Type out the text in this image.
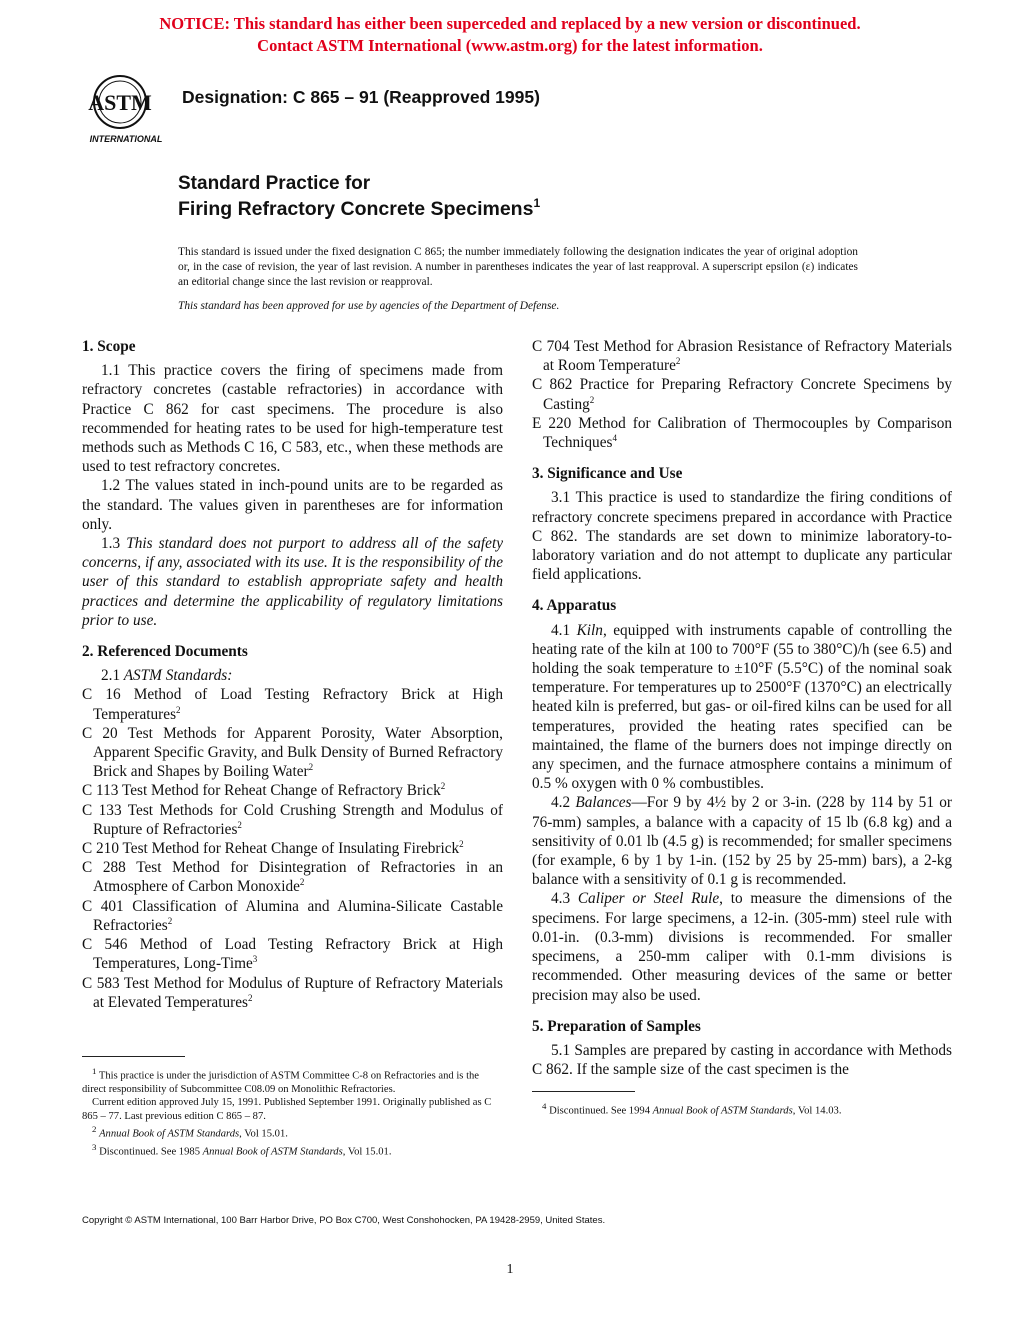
NOTICE: This standard has either been superceded and replaced by a new version or discontinued.
Contact ASTM International (www.astm.org) for the latest information.
ASTM
INTERNATIONAL
Designation: C 865 – 91 (Reapproved 1995)
Standard Practice for
Firing Refractory Concrete Specimens$^1$
This standard is issued under the fixed designation C 865; the number immediately following the designation indicates the year of original adoption or, in the case of revision, the year of last revision. A number in parentheses indicates the year of last reapproval. A superscript epsilon (ε) indicates an editorial change since the last revision or reapproval.
This standard has been approved for use by agencies of the Department of Defense.

1. Scope

1.1 This practice covers the firing of specimens made from refractory concretes (castable refractories) in accordance with Practice C 862 for cast specimens. The procedure is also recommended for heating rates to be used for high-temperature test methods such as Methods C 16, C 583, etc., when these methods are used to test refractory concretes.

1.2 The values stated in inch-pound units are to be regarded as the standard. The values given in parentheses are for information only.

1.3 This standard does not purport to address all of the safety concerns, if any, associated with its use. It is the responsibility of the user of this standard to establish appropriate safety and health practices and determine the applicability of regulatory limitations prior to use.

2. Referenced Documents

2.1 ASTM Standards:

C 16 Method of Load Testing Refractory Brick at High Temperatures$^2$

C 20 Test Methods for Apparent Porosity, Water Absorption, Apparent Specific Gravity, and Bulk Density of Burned Refractory Brick and Shapes by Boiling Water$^2$

C 113 Test Method for Reheat Change of Refractory Brick$^2$

C 133 Test Methods for Cold Crushing Strength and Modulus of Rupture of Refractories$^2$

C 210 Test Method for Reheat Change of Insulating Firebrick$^2$

C 288 Test Method for Disintegration of Refractories in an Atmosphere of Carbon Monoxide$^2$

C 401 Classification of Alumina and Alumina-Silicate Castable Refractories$^2$

C 546 Method of Load Testing Refractory Brick at High Temperatures, Long-Time$^3$

C 583 Test Method for Modulus of Rupture of Refractory Materials at Elevated Temperatures$^2$

$^1$ This practice is under the jurisdiction of ASTM Committee C-8 on Refractories and is the direct responsibility of Subcommittee C08.09 on Monolithic Refractories.
Current edition approved July 15, 1991. Published September 1991. Originally published as C 865 – 77. Last previous edition C 865 – 87.
$^2$ Annual Book of ASTM Standards, Vol 15.01.
$^3$ Discontinued. See 1985 Annual Book of ASTM Standards, Vol 15.01.

C 704 Test Method for Abrasion Resistance of Refractory Materials at Room Temperature$^2$

C 862 Practice for Preparing Refractory Concrete Specimens by Casting$^2$

E 220 Method for Calibration of Thermocouples by Comparison Techniques$^4$

3. Significance and Use

3.1 This practice is used to standardize the firing conditions of refractory concrete specimens prepared in accordance with Practice C 862. The standards are set down to minimize laboratory-to-laboratory variation and do not attempt to duplicate any particular field applications.

4. Apparatus

4.1 Kiln, equipped with instruments capable of controlling the heating rate of the kiln at 100 to 700°F (55 to 380°C)/h (see 6.5) and holding the soak temperature to ±10°F (5.5°C) of the nominal soak temperature. For temperatures up to 2500°F (1370°C) an electrically heated kiln is preferred, but gas- or oil-fired kilns can be used for all temperatures, provided the heating rates specified can be maintained, the flame of the burners does not impinge directly on any specimen, and the furnace atmosphere contains a minimum of 0.5 % oxygen with 0 % combustibles.

4.2 Balances—For 9 by 4½ by 2 or 3-in. (228 by 114 by 51 or 76-mm) samples, a balance with a capacity of 15 lb (6.8 kg) and a sensitivity of 0.01 lb (4.5 g) is recommended; for smaller specimens (for example, 6 by 1 by 1-in. (152 by 25 by 25-mm) bars), a 2-kg balance with a sensitivity of 0.1 g is recommended.

4.3 Caliper or Steel Rule, to measure the dimensions of the specimens. For large specimens, a 12-in. (305-mm) steel rule with 0.01-in. (0.3-mm) divisions is recommended. For smaller specimens, a 250-mm caliper with 0.1-mm divisions is recommended. Other measuring devices of the same or better precision may also be used.

5. Preparation of Samples

5.1 Samples are prepared by casting in accordance with Methods C 862. If the sample size of the cast specimen is the

$^4$ Discontinued. See 1994 Annual Book of ASTM Standards, Vol 14.03.
Copyright © ASTM International, 100 Barr Harbor Drive, PO Box C700, West Conshohocken, PA 19428-2959, United States.
1
